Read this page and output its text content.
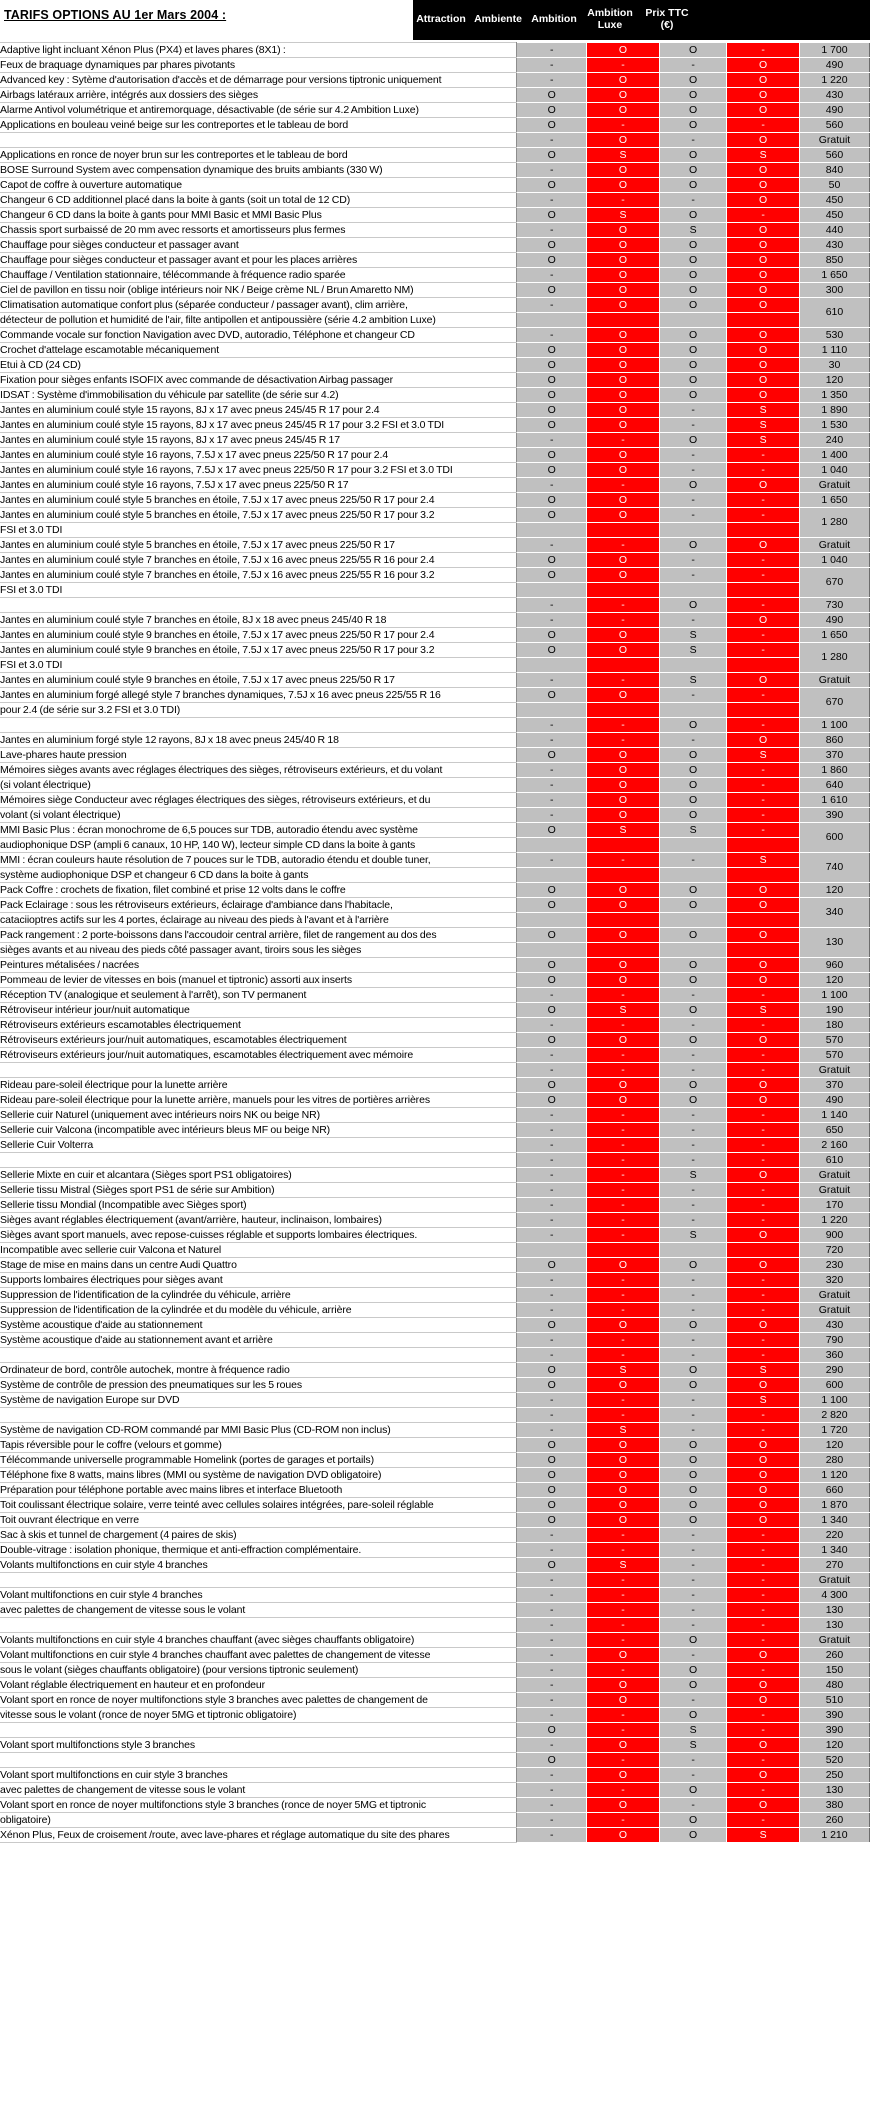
TARIFS OPTIONS AU 1er Mars 2004 :	Attraction Ambiente Ambition	Ambition Luxe
Prix TTC (€)
Adaptive light incluant Xénon Plus (PX4) et laves phares (8X1) :	-	O	O	-	1 700
Feux de braquage dynamiques par phares pivotants	-	-	-	O	490
Advanced key : Sytème d'autorisation d'accès et de démarrage pour versions tiptronic uniquement	-	O	O	O	1 220
Airbags latéraux arrière, intégrés aux dossiers des sièges	O	O	O	O	430
Alarme Antivol volumétrique et antiremorquage, désactivable (de série sur 4.2 Ambition Luxe)	O	O	O	O	490
Applications en bouleau veiné beige sur les contreportes et le tableau de bord	O	-	O	-	560
	-	O	-	O	Gratuit
Applications en ronce de noyer brun sur les contreportes et le tableau de bord	O	S	O	S	560
BOSE Surround System avec compensation dynamique des bruits ambiants (330 W)	-	O	O	O	840
Capot de coffre à ouverture automatique	O	O	O	O	50
Changeur 6 CD additionnel placé dans la boite à gants (soit un total de 12 CD)	-	-	-	O	450
Changeur 6 CD dans la boite à gants pour MMI Basic et MMI Basic Plus	O	S	O	-	450
Chassis sport surbaissé de 20 mm avec ressorts et amortisseurs plus fermes	-	O	S	O	440
Chauffage pour sièges conducteur et passager avant	O	O	O	O	430
Chauffage pour sièges conducteur et passager avant et pour les places arrières	O	O	O	O	850
Chauffage / Ventilation stationnaire, télécommande à fréquence radio sparée	-	O	O	O	1 650
Ciel de pavillon en tissu noir (oblige intérieurs noir NK / Beige crème NL / Brun Amaretto NM)	O	O	O	O	300
Climatisation automatique confort plus (séparée conducteur / passager avant), clim arrière,	-	O	O	O	610
détecteur de pollution et humidité de l'air, filte antipollen et antipoussière (série 4.2 ambition Luxe)					
Commande vocale sur fonction Navigation avec DVD, autoradio, Téléphone et changeur CD	-	O	O	O	530
Crochet d'attelage escamotable mécaniquement	O	O	O	O	1 110
Etui à CD (24 CD)	O	O	O	O	30
Fixation pour sièges enfants ISOFIX avec commande de désactivation Airbag passager	O	O	O	O	120
IDSAT : Système d'immobilisation du véhicule par satellite (de série sur 4.2)	O	O	O	O	1 350
Jantes en aluminium coulé style 15 rayons, 8J x 17 avec pneus 245/45 R 17 pour 2.4	O	O	-	S	1 890
Jantes en aluminium coulé style 15 rayons, 8J x 17 avec pneus 245/45 R 17 pour 3.2 FSI et 3.0 TDI	O	O	-	S	1 530
Jantes en aluminium coulé style 15 rayons, 8J x 17 avec pneus 245/45 R 17	-	-	O	S	240
Jantes en aluminium coulé style 16 rayons, 7.5J x 17 avec pneus 225/50 R 17 pour 2.4	O	O	-	-	1 400
Jantes en aluminium coulé style 16 rayons, 7.5J x 17 avec pneus 225/50 R 17 pour 3.2 FSI et 3.0 TDI	O	O	-	-	1 040
Jantes en aluminium coulé style 16 rayons, 7.5J x 17 avec pneus 225/50 R 17	-	-	O	O	Gratuit
Jantes en aluminium coulé style 5 branches en étoile, 7.5J x 17 avec pneus 225/50 R 17 pour 2.4	O	O	-	-	1 650
Jantes en aluminium coulé style 5 branches en étoile, 7.5J x 17 avec pneus 225/50 R 17 pour 3.2	O	O	-	-	1 280
FSI et 3.0 TDI					
Jantes en aluminium coulé style 5 branches en étoile, 7.5J x 17 avec pneus 225/50 R 17	-	-	O	O	Gratuit
Jantes en aluminium coulé style 7 branches en étoile, 7.5J x 16 avec pneus 225/55 R 16 pour 2.4	O	O	-	-	1 040
Jantes en aluminium coulé style 7 branches en étoile, 7.5J x 16 avec pneus 225/55 R 16 pour 3.2	O	O	-	-	670
FSI et 3.0 TDI					
	-	-	O	-	730
Jantes en aluminium coulé style 7 branches en étoile, 8J x 18 avec pneus 245/40 R 18	-	-	-	O	490
Jantes en aluminium coulé style 9 branches en étoile, 7.5J x 17 avec pneus 225/50 R 17 pour 2.4	O	O	S	-	1 650
Jantes en aluminium coulé style 9 branches en étoile, 7.5J x 17 avec pneus 225/50 R 17 pour 3.2	O	O	S	-	1 280
FSI et 3.0 TDI					
Jantes en aluminium coulé style 9 branches en étoile, 7.5J x 17 avec pneus 225/50 R 17	-	-	S	O	Gratuit
Jantes en aluminium forgé allegé style 7 branches dynamiques, 7.5J x 16 avec pneus 225/55 R 16	O	O	-	-	670
pour 2.4 (de série sur 3.2 FSI et 3.0 TDI)					
	-	-	O	-	1 100
Jantes en aluminium forgé style 12 rayons, 8J x 18 avec pneus 245/40 R 18	-	-	-	O	860
Lave-phares haute pression	O	O	O	S	370
Mémoires sièges avants avec réglages électriques des sièges, rétroviseurs extérieurs, et du volant	-	O	O	-	1 860
(si volant électrique)	-	O	O	-	640
Mémoires siège Conducteur avec réglages électriques des sièges, rétroviseurs extérieurs, et du	-	O	O	-	1 610
volant (si volant électrique)	-	O	O	-	390
MMI Basic Plus : écran monochrome de 6,5 pouces sur TDB, autoradio étendu avec système	O	S	S	-	600
audiophonique DSP (ampli 6 canaux, 10 HP, 140 W), lecteur simple CD dans la boite à gants					
MMI : écran couleurs haute résolution de 7 pouces sur le TDB, autoradio étendu et double tuner,	-	-	-	S	740
système audiophonique DSP et changeur 6 CD dans la boite à gants					
Pack Coffre : crochets de fixation, filet combiné et prise 12 volts dans le coffre	O	O	O	O	120
Pack Eclairage : sous les rétroviseurs extérieurs, éclairage d'ambiance dans l'habitacle,	O	O	O	O	340
cataciioptres actifs sur les 4 portes, éclairage au niveau des pieds à l'avant et à l'arrière					
Pack rangement : 2 porte-boissons dans l'accoudoir central arrière, filet de rangement au dos des	O	O	O	O	130
sièges avants et au niveau des pieds côté passager avant, tiroirs sous les sièges					
Peintures métalisées / nacrées	O	O	O	O	960
Pommeau de levier de vitesses en bois (manuel et tiptronic) assorti aux inserts	O	O	O	O	120
Réception TV (analogique et seulement à l'arrêt), son TV permanent	-	-	-	-	1 100
Rétroviseur intérieur jour/nuit automatique	O	S	O	S	190
Rétroviseurs extérieurs escamotables électriquement	-	-	-	-	180
Rétroviseurs extérieurs jour/nuit automatiques, escamotables électriquement	O	O	O	O	570
Rétroviseurs extérieurs jour/nuit automatiques, escamotables électriquement avec mémoire	-	-	-	-	570
	-	-	-	-	Gratuit
Rideau pare-soleil électrique pour la lunette arrière	O	O	O	O	370
Rideau pare-soleil électrique pour la lunette arrière, manuels pour les vitres de portières arrières	O	O	O	O	490
Sellerie cuir Naturel (uniquement avec intérieurs noirs NK ou beige NR)	-	-	-	-	1 140
Sellerie cuir Valcona (incompatible avec intérieurs bleus MF ou beige NR)	-	-	-	-	650
Sellerie Cuir Volterra	-	-	-	-	2 160
	-	-	-	-	610
Sellerie Mixte en cuir et alcantara (Sièges sport PS1 obligatoires)	-	-	S	O	Gratuit
Sellerie tissu Mistral (Sièges sport PS1 de série sur Ambition)	-	-	-	-	Gratuit
Sellerie tissu Mondial (Incompatible avec Sièges sport)	-	-	-	-	170
Sièges avant réglables électriquement (avant/arrière, hauteur, inclinaison, lombaires)	-	-	-	-	1 220
Sièges avant sport manuels, avec repose-cuisses réglable et supports lombaires électriques.	-	-	S	O	900
Incompatible avec sellerie cuir Valcona et Naturel					720
Stage de mise en mains dans un centre Audi Quattro	O	O	O	O	230
Supports lombaires électriques pour sièges avant	-	-	-	-	320
Suppression de l'identification de la cylindrée du véhicule, arrière	-	-	-	-	Gratuit
Suppression de l'identification de la cylindrée et du modèle du véhicule, arrière	-	-	-	-	Gratuit
Système acoustique d'aide au stationnement	O	O	O	O	430
Système acoustique d'aide au stationnement avant et arrière	-	-	-	-	790
	-	-	-	-	360
Ordinateur de bord, contrôle autochek, montre à fréquence radio	O	S	O	S	290
Système de contrôle de pression des pneumatiques sur les 5 roues	O	O	O	O	600
Système de navigation Europe sur DVD	-	-	-	S	1 100
	-	-	-	-	2 820
Système de navigation CD-ROM commandé par MMI Basic Plus (CD-ROM non inclus)	-	S	-	-	1 720
Tapis réversible pour le coffre (velours et gomme)	O	O	O	O	120
Télécommande universelle programmable Homelink (portes de garages et portails)	O	O	O	O	280
Téléphone fixe 8 watts, mains libres (MMI ou système de navigation DVD obligatoire)	O	O	O	O	1 120
Préparation pour téléphone portable avec mains libres et interface Bluetooth	O	O	O	O	660
Toit coulissant électrique solaire, verre teinté avec cellules solaires intégrées, pare-soleil réglable	O	O	O	O	1 870
Toit ouvrant électrique en verre	O	O	O	O	1 340
Sac à skis et tunnel de chargement (4 paires de skis)	-	-	-	-	220
Double-vitrage : isolation phonique, thermique et anti-effraction complémentaire.	-	-	-	-	1 340
Volants multifonctions en cuir style 4 branches	O	S	-	-	270
	-	-	-	-	Gratuit
Volant multifonctions en cuir style 4 branches	-	-	-	-	4 300
avec palettes de changement de vitesse sous le volant	-	-	-	-	130
	-	-	-	-	130
Volants multifonctions en cuir style 4 branches chauffant (avec sièges chauffants obligatoire)	-	-	O	-	Gratuit
Volant multifonctions en cuir style 4 branches chauffant avec palettes de changement de vitesse	-	O	-	O	260
sous le volant (sièges chauffants obligatoire) (pour versions tiptronic seulement)	-	-	O	-	150
Volant réglable électriquement en hauteur et en profondeur	-	O	O	O	480
Volant sport en ronce de noyer multifonctions style 3 branches avec palettes de changement de	-	O	-	O	510
vitesse sous le volant (ronce de noyer 5MG et tiptronic obligatoire)	-	-	O	-	390
	O	-	S	-	390
Volant sport multifonctions style 3 branches	-	O	S	O	120
	O	-	-	-	520
Volant sport multifonctions en cuir style 3 branches	-	O	-	O	250
avec palettes de changement de vitesse sous le volant	-	-	O	-	130
Volant sport en ronce de noyer multifonctions style 3 branches (ronce de noyer 5MG et tiptronic	-	O	-	O	380
obligatoire)	-	-	O	-	260
Xénon Plus, Feux de croisement /route, avec lave-phares et réglage automatique du site des phares	-	O	O	S	1 210
